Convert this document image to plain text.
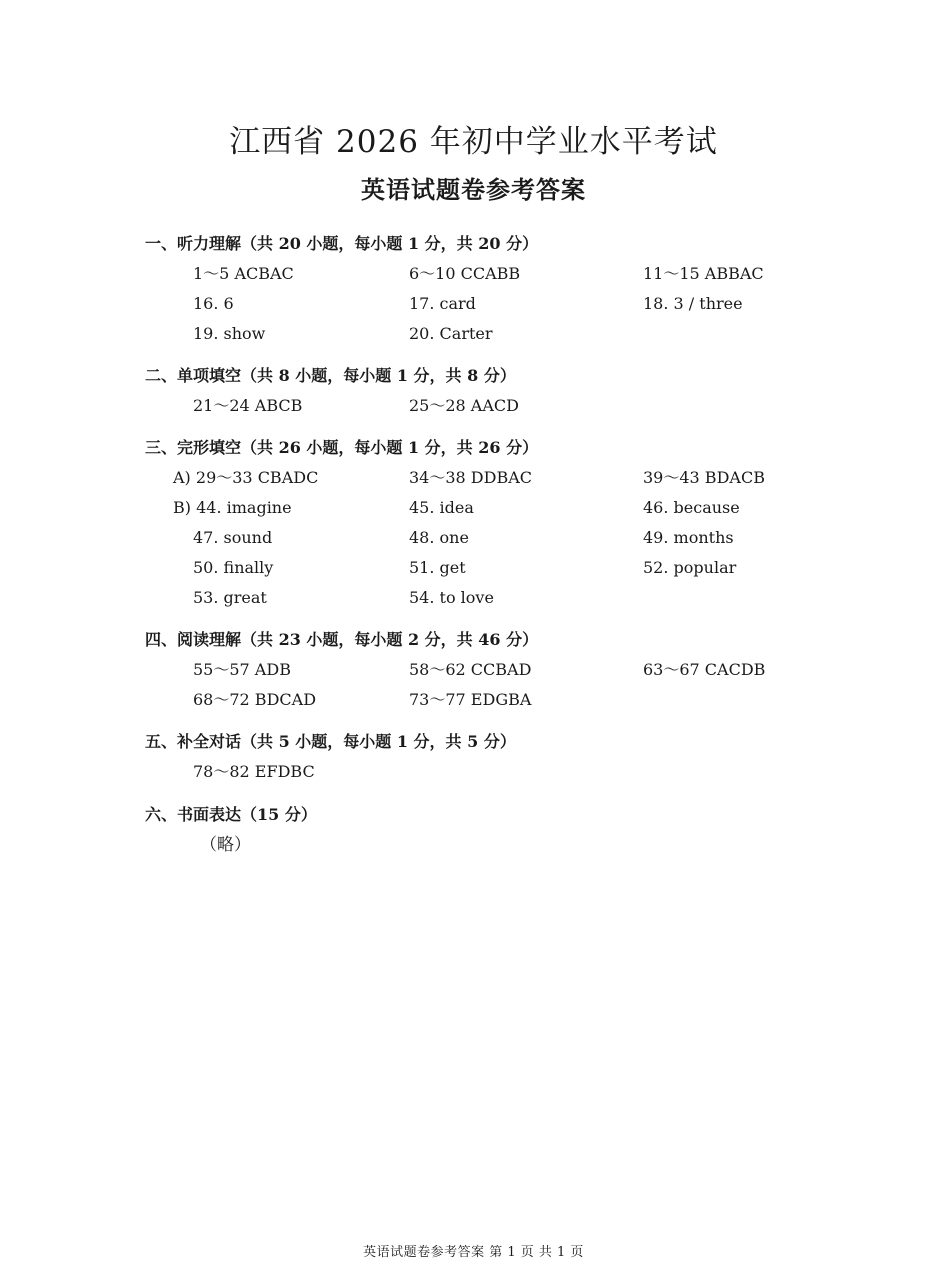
江西省 2026 年初中学业水平考试
英语试题卷参考答案
一、听力理解（共 20 小题，每小题 1 分，共 20 分）
1～5 ACBAC	6～10 CCABB	11～15 ABBAC
16. 6	17. card	18. 3 / three
19. show	20. Carter
二、单项填空（共 8 小题，每小题 1 分，共 8 分）
21～24 ABCB	25～28 AACD
三、完形填空（共 26 小题，每小题 1 分，共 26 分）
A) 29～33 CBADC	34～38 DDBAC	39～43 BDACB
B) 44. imagine	45. idea	46. because
47. sound	48. one	49. months
50. finally	51. get	52. popular
53. great	54. to love
四、阅读理解（共 23 小题，每小题 2 分，共 46 分）
55～57 ADB	58～62 CCBAD	63～67 CACDB
68～72 BDCAD	73～77 EDGBA
五、补全对话（共 5 小题，每小题 1 分，共 5 分）
78～82 EFDBC
六、书面表达（15 分）
（略）
英语试题卷参考答案 第 1 页 共 1 页
